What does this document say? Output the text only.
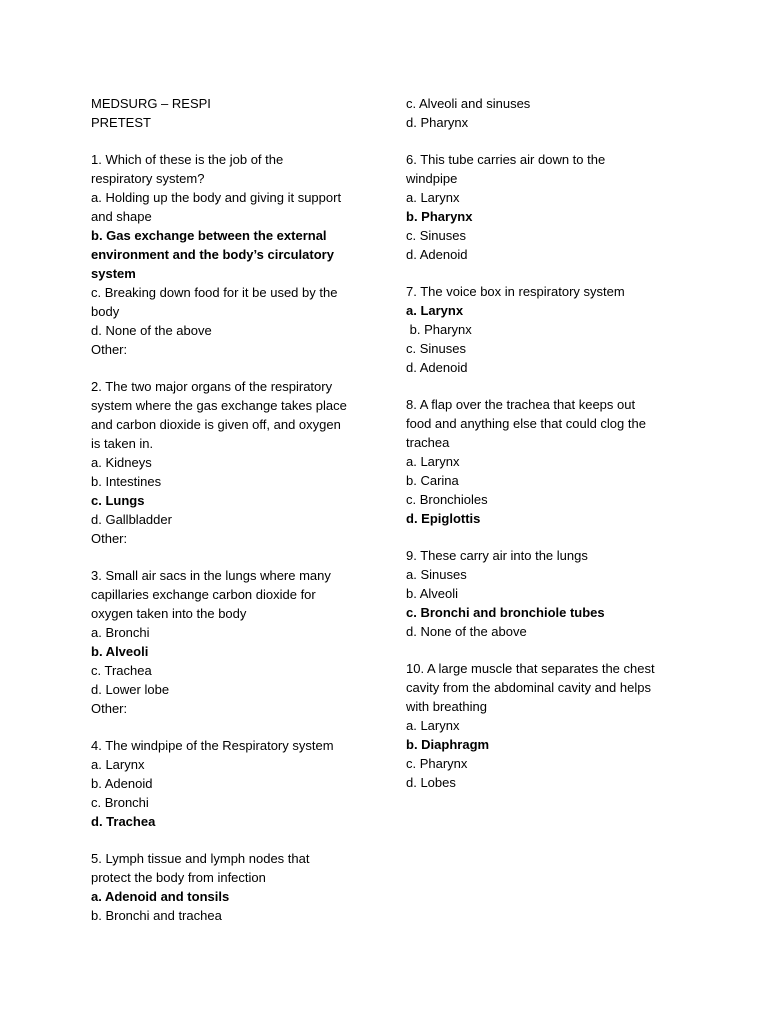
MEDSURG – RESPI
PRETEST
1. Which of these is the job of the
respiratory system?
a. Holding up the body and giving it support
and shape
b. Gas exchange between the external
environment and the body’s circulatory
system
c. Breaking down food for it be used by the
body
d. None of the above
Other:
2. The two major organs of the respiratory
system where the gas exchange takes place
and carbon dioxide is given off, and oxygen
is taken in.
a. Kidneys
b. Intestines
c. Lungs
d. Gallbladder
Other:
3. Small air sacs in the lungs where many
capillaries exchange carbon dioxide for
oxygen taken into the body
a. Bronchi
b. Alveoli
c. Trachea
d. Lower lobe
Other:
4. The windpipe of the Respiratory system
a. Larynx
b. Adenoid
c. Bronchi
d. Trachea
5. Lymph tissue and lymph nodes that
protect the body from infection
a. Adenoid and tonsils
b. Bronchi and trachea
c. Alveoli and sinuses
d. Pharynx
6. This tube carries air down to the
windpipe
a. Larynx
b. Pharynx
c. Sinuses
d. Adenoid
7. The voice box in respiratory system
a. Larynx
b. Pharynx
c. Sinuses
d. Adenoid
8. A flap over the trachea that keeps out
food and anything else that could clog the
trachea
a. Larynx
b. Carina
c. Bronchioles
d. Epiglottis
9. These carry air into the lungs
a. Sinuses
b. Alveoli
c. Bronchi and bronchiole tubes
d. None of the above
10. A large muscle that separates the chest
cavity from the abdominal cavity and helps
with breathing
a. Larynx
b. Diaphragm
c. Pharynx
d. Lobes
